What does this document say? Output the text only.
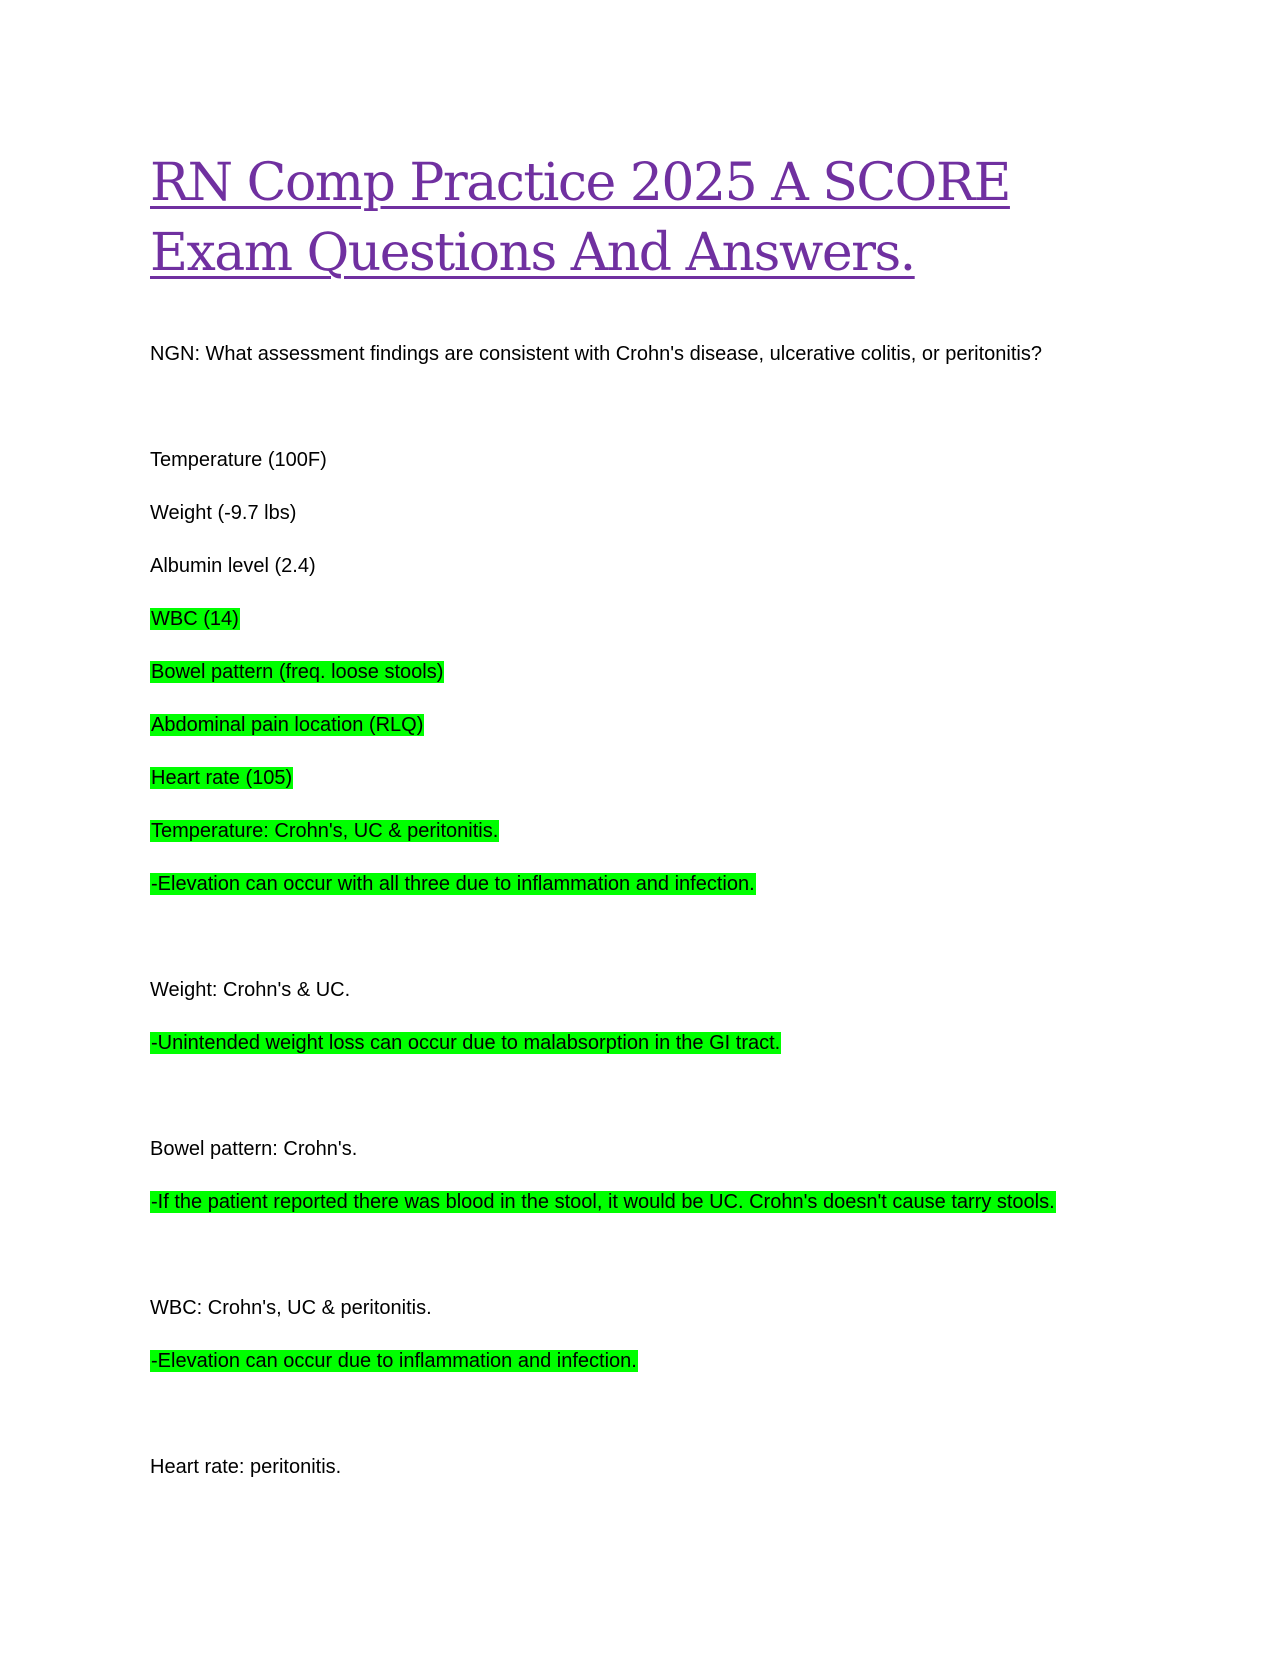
RN Comp Practice 2025 A SCORE Exam Questions And Answers.

NGN: What assessment findings are consistent with Crohn's disease, ulcerative colitis, or peritonitis?

Temperature (100F)

Weight (-9.7 lbs)

Albumin level (2.4)

WBC (14)

Bowel pattern (freq. loose stools)

Abdominal pain location (RLQ)

Heart rate (105)

Temperature: Crohn's, UC & peritonitis.

-Elevation can occur with all three due to inflammation and infection.

Weight: Crohn's & UC.

-Unintended weight loss can occur due to malabsorption in the GI tract.

Bowel pattern: Crohn's.

-If the patient reported there was blood in the stool, it would be UC. Crohn's doesn't cause tarry stools.

WBC: Crohn's, UC & peritonitis.

-Elevation can occur due to inflammation and infection.

Heart rate: peritonitis.
